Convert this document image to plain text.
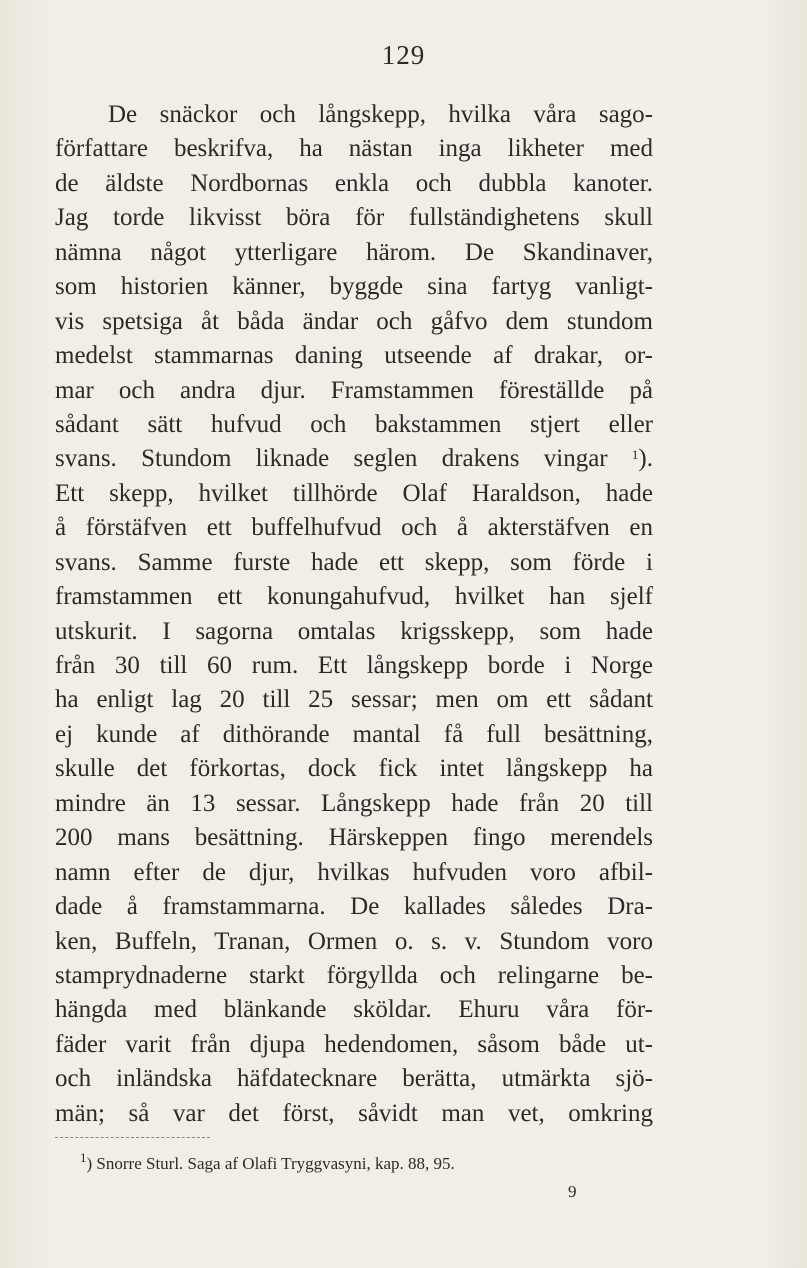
129
De snäckor och långskepp, hvilka våra sago-
författare beskrifva, ha nästan inga likheter med
de äldste Nordbornas enkla och dubbla kanoter.
Jag torde likvisst böra för fullständighetens skull
nämna något ytterligare härom. De Skandinaver,
som historien känner, byggde sina fartyg vanligt-
vis spetsiga åt båda ändar och gåfvo dem stundom
medelst stammarnas daning utseende af drakar, or-
mar och andra djur. Framstammen föreställde på
sådant sätt hufvud och bakstammen stjert eller
svans. Stundom liknade seglen drakens vingar $^1$).
Ett skepp, hvilket tillhörde Olaf Haraldson, hade
å förstäfven ett buffelhufvud och å akterstäfven en
svans. Samme furste hade ett skepp, som förde i
framstammen ett konungahufvud, hvilket han sjelf
utskurit. I sagorna omtalas krigsskepp, som hade
från 30 till 60 rum. Ett långskepp borde i Norge
ha enligt lag 20 till 25 sessar; men om ett sådant
ej kunde af dithörande mantal få full besättning,
skulle det förkortas, dock fick intet långskepp ha
mindre än 13 sessar. Långskepp hade från 20 till
200 mans besättning. Härskeppen fingo merendels
namn efter de djur, hvilkas hufvuden voro afbil-
dade å framstammarna. De kallades således Dra-
ken, Buffeln, Tranan, Ormen o. s. v. Stundom voro
stamprydnaderne starkt förgyllda och relingarne be-
hängda med blänkande sköldar. Ehuru våra för-
fäder varit från djupa hedendomen, såsom både ut-
och inländska häfdatecknare berätta, utmärkta sjö-
män; så var det först, såvidt man vet, omkring
$^1$) Snorre Sturl. Saga af Olafi Tryggvasyni, kap. 88, 95.
9
